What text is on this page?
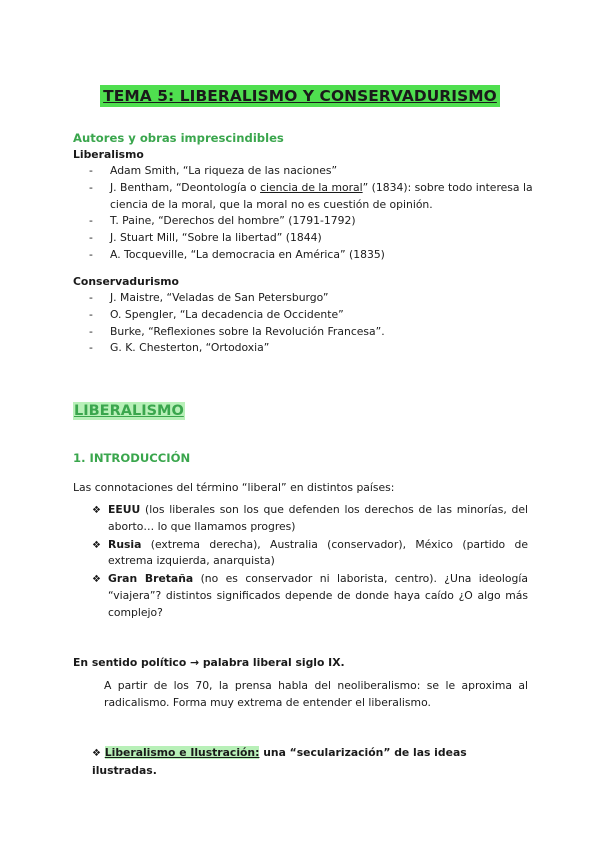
TEMA 5: LIBERALISMO Y CONSERVADURISMO
Autores y obras imprescindibles
Liberalismo
- Adam Smith, “La riqueza de las naciones”
- J. Bentham, “Deontología o ciencia de la moral” (1834): sobre todo interesa la ciencia de la moral, que la moral no es cuestión de opinión.
- T. Paine, “Derechos del hombre” (1791-1792)
- J. Stuart Mill, “Sobre la libertad” (1844)
- A. Tocqueville, “La democracia en América” (1835)
Conservadurismo
- J. Maistre, “Veladas de San Petersburgo”
- O. Spengler, “La decadencia de Occidente”
- Burke, “Reflexiones sobre la Revolución Francesa”.
- G. K. Chesterton, “Ortodoxia”
LIBERALISMO
1. INTRODUCCIÓN
Las connotaciones del término “liberal” en distintos países:
❖ EEUU (los liberales son los que defenden los derechos de las minorías, del aborto… lo que llamamos progres)
❖ Rusia (extrema derecha), Australia (conservador), México (partido de extrema izquierda, anarquista)
❖ Gran Bretaña (no es conservador ni laborista, centro). ¿Una ideología “viajera”? distintos significados depende de donde haya caído ¿O algo más complejo?
En sentido político → palabra liberal siglo IX.
A partir de los 70, la prensa habla del neoliberalismo: se le aproxima al radicalismo. Forma muy extrema de entender el liberalismo.
❖ Liberalismo e Ilustración: una “secularización” de las ideas ilustradas.
